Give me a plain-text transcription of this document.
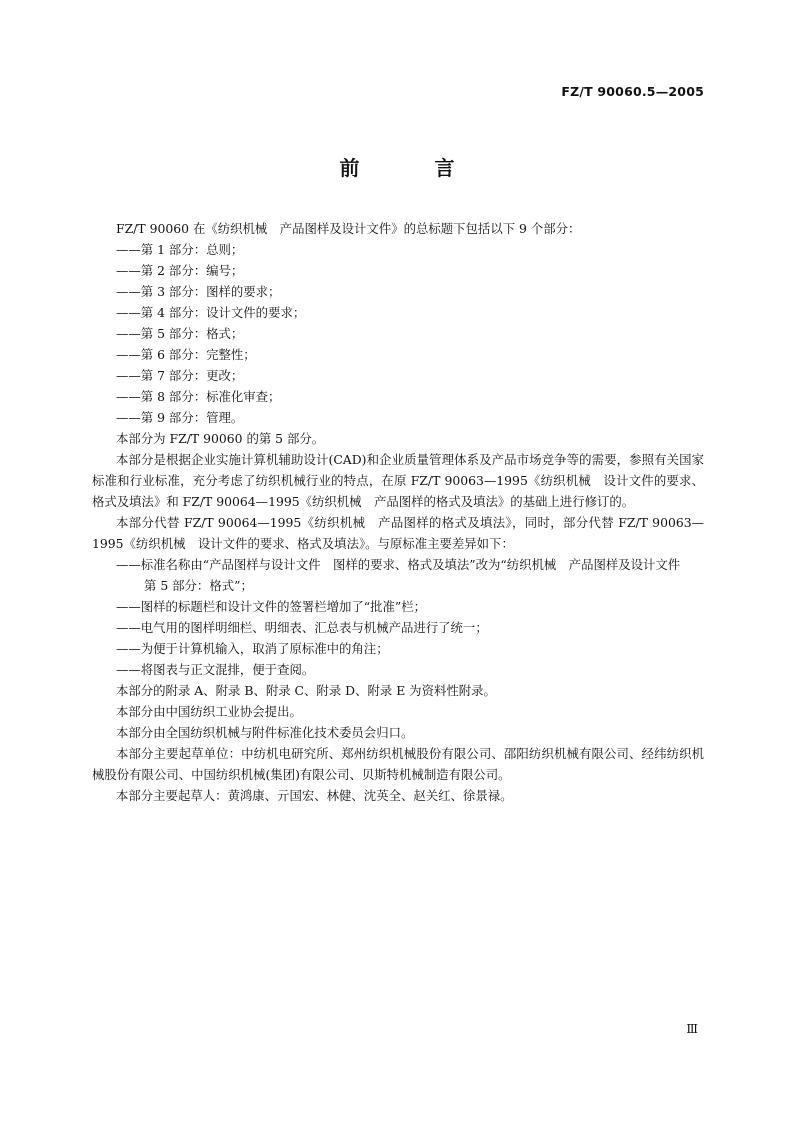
FZ/T 90060.5—2005
前 言

FZ/T 90060 在《纺织机械　产品图样及设计文件》的总标题下包括以下 9 个部分：

——第 1 部分：总则；

——第 2 部分：编号；

——第 3 部分：图样的要求；

——第 4 部分：设计文件的要求；

——第 5 部分：格式；

——第 6 部分：完整性；

——第 7 部分：更改；

——第 8 部分：标准化审查；

——第 9 部分：管理。

本部分为 FZ/T 90060 的第 5 部分。

本部分是根据企业实施计算机辅助设计(CAD)和企业质量管理体系及产品市场竞争等的需要，参照有关国家标准和行业标准，充分考虑了纺织机械行业的特点，在原 FZ/T 90063—1995《纺织机械　设计文件的要求、格式及填法》和 FZ/T 90064—1995《纺织机械　产品图样的格式及填法》的基础上进行修订的。

本部分代替 FZ/T 90064—1995《纺织机械　产品图样的格式及填法》，同时，部分代替 FZ/T 90063—1995《纺织机械　设计文件的要求、格式及填法》。与原标准主要差异如下：

——标准名称由“产品图样与设计文件　图样的要求、格式及填法”改为“纺织机械　产品图样及设计文件　第 5 部分：格式”；

——图样的标题栏和设计文件的签署栏增加了“批准”栏；

——电气用的图样明细栏、明细表、汇总表与机械产品进行了统一；

——为便于计算机输入，取消了原标准中的角注；

——将图表与正文混排，便于查阅。

本部分的附录 A、附录 B、附录 C、附录 D、附录 E 为资料性附录。

本部分由中国纺织工业协会提出。

本部分由全国纺织机械与附件标准化技术委员会归口。

本部分主要起草单位：中纺机电研究所、郑州纺织机械股份有限公司、邵阳纺织机械有限公司、经纬纺织机械股份有限公司、中国纺织机械(集团)有限公司、贝斯特机械制造有限公司。

本部分主要起草人：黄鸿康、亓国宏、林健、沈英全、赵关红、徐景禄。

Ⅲ
